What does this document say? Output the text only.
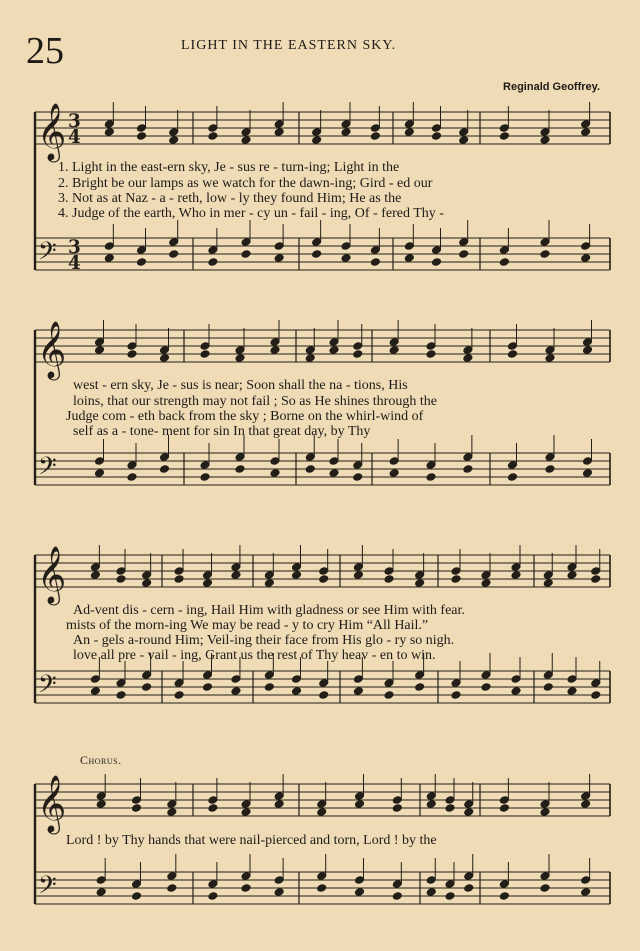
25	LIGHT IN THE EASTERN SKY.
Reginald Geoffrey.
𝄞
𝄢
3
4
3
4
𝄞
𝄢
𝄞
𝄢
𝄞
𝄢
1. Light in the east-ern sky, Je - sus re - turn-ing; Light in the
2. Bright be our lamps as we watch for the dawn-ing; Gird - ed our
3. Not as at Naz - a - reth, low - ly they found Him; He as the
4. Judge of the earth, Who in mer - cy un - fail - ing, Of - fered Thy -
west - ern sky, Je - sus is near; Soon shall the na - tions, His
loins, that our strength may not fail ; So as He shines through the
Judge com - eth back from the sky ; Borne on the whirl-wind of
self as a - tone- ment for sin In that great day, by Thy
Ad-vent dis - cern - ing, Hail Him with gladness or see Him with fear.
mists of the morn-ing We may be read - y to cry Him “All Hail.”
An - gels a-round Him; Veil-ing their face from His glo - ry so nigh.
love all pre - vail - ing, Grant us the rest of Thy heav - en to win.
Chorus.
Lord ! by Thy hands that were nail-pierced and torn, Lord ! by the
